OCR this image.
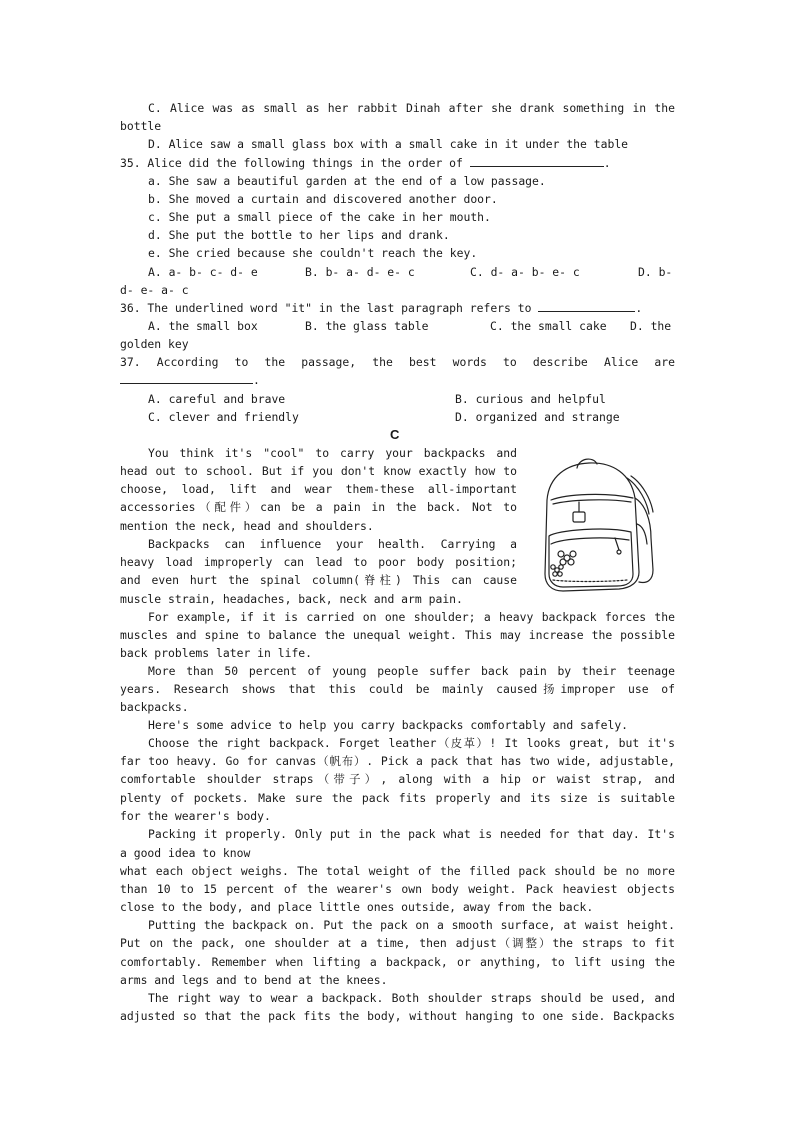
C. Alice was as small as her rabbit Dinah after she drank something in the
bottle
D. Alice saw a small glass box with a small cake in it under the table
35. Alice did the following things in the order of	.
a. She saw a beautiful garden at the end of a low passage.
b. She moved a curtain and discovered another door.
c. She put a small piece of the cake in her mouth.
d. She put the bottle to her lips and drank.
e. She cried because she couldn't reach the key.
A. a- b- c- d- e	B. b- a- d- e- c	C. d- a- b- e- c	D. b-
d- e- a- c
36. The underlined word "it" in the last paragraph refers to	.
A. the small box	B. the glass table	C. the small cake D. the
golden key
37. According to the passage, the best words to describe Alice are
.
A. careful and brave	B. curious and helpful
C. clever and friendly	D. organized and strange
C
You think it's "cool" to carry your backpacks and
head out to school. But if you don't know exactly how to
choose, load, lift and wear them-these all-important
accessories（配件）can be a pain in the back. Not to
mention the neck, head and shoulders.
Backpacks can influence your health. Carrying a
heavy load improperly can lead to poor body position;
and even hurt the spinal column(脊柱) This can cause
muscle strain, headaches, back, neck and arm pain.
For example, if it is carried on one shoulder; a heavy backpack forces the
muscles and spine to balance the unequal weight. This may increase the possible
back problems later in life.
More than 50 percent of young people suffer back pain by their teenage
years. Research shows that this could be mainly caused扬improper use of
backpacks.
Here's some advice to help you carry backpacks comfortably and safely.
Choose the right backpack. Forget leather（皮革）! It looks great, but it's
far too heavy. Go for canvas（帆布）. Pick a pack that has two wide, adjustable,
comfortable shoulder straps（带子）, along with a hip or waist strap, and
plenty of pockets. Make sure the pack fits properly and its size is suitable
for the wearer's body.
Packing it properly. Only put in the pack what is needed for that day. It's
a good idea to know
what each object weighs. The total weight of the filled pack should be no more
than 10 to 15 percent of the wearer's own body weight. Pack heaviest objects
close to the body, and place little ones outside, away from the back.
Putting the backpack on. Put the pack on a smooth surface, at waist height.
Put on the pack, one shoulder at a time, then adjust（调整）the straps to fit
comfortably. Remember when lifting a backpack, or anything, to lift using the
arms and legs and to bend at the knees.
The right way to wear a backpack. Both shoulder straps should be used, and
adjusted so that the pack fits the body, without hanging to one side. Backpacks
